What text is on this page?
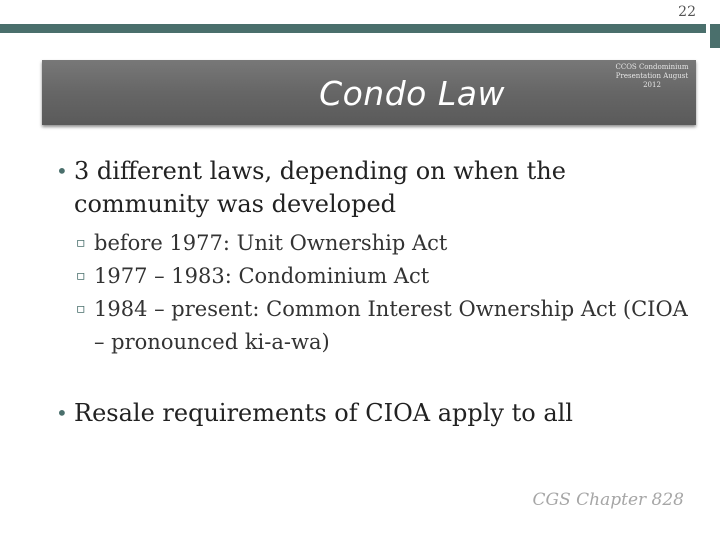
22
Condo Law
CCOS Condominium Presentation August 2012
• 3 different laws, depending on when the community was developed
▫ before 1977: Unit Ownership Act
▫ 1977 – 1983: Condominium Act
▫ 1984 – present: Common Interest Ownership Act (CIOA – pronounced ki-a-wa)
• Resale requirements of CIOA apply to all
CGS Chapter 828
